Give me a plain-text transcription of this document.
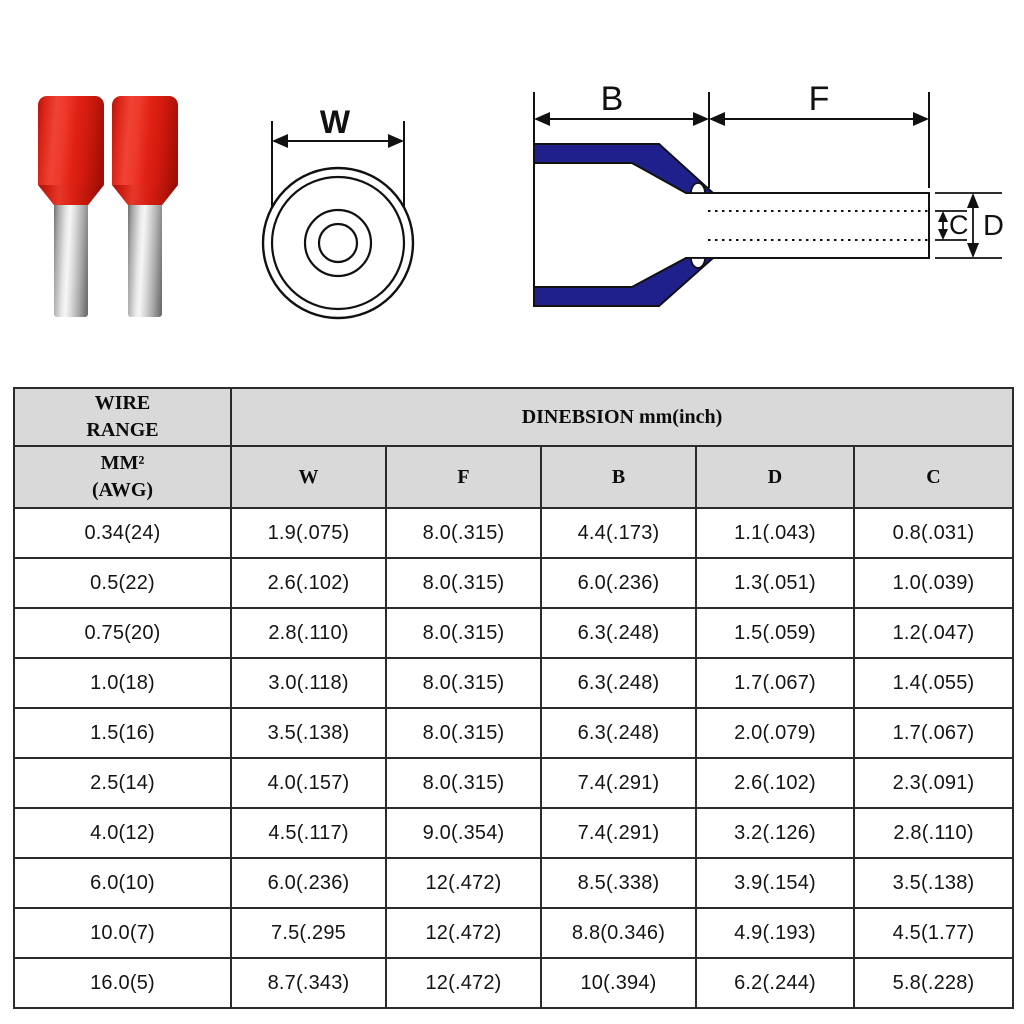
W
B	F
C D
WIRE
RANGE	DINEBSION mm(inch)				

MM²
(AWG)	W	F	B	D	C
0.34(24)	1.9(.075)	8.0(.315)	4.4(.173)	1.1(.043)	0.8(.031)
0.5(22)	2.6(.102)	8.0(.315)	6.0(.236)	1.3(.051)	1.0(.039)
0.75(20)	2.8(.110)	8.0(.315)	6.3(.248)	1.5(.059)	1.2(.047)
1.0(18)	3.0(.118)	8.0(.315)	6.3(.248)	1.7(.067)	1.4(.055)
1.5(16)	3.5(.138)	8.0(.315)	6.3(.248)	2.0(.079)	1.7(.067)
2.5(14)	4.0(.157)	8.0(.315)	7.4(.291)	2.6(.102)	2.3(.091)
4.0(12)	4.5(.117)	9.0(.354)	7.4(.291)	3.2(.126)	2.8(.110)
6.0(10)	6.0(.236)	12(.472)	8.5(.338)	3.9(.154)	3.5(.138)
10.0(7)	7.5(.295	12(.472)	8.8(0.346)	4.9(.193)	4.5(1.77)
16.0(5)	8.7(.343)	12(.472)	10(.394)	6.2(.244)	5.8(.228)
